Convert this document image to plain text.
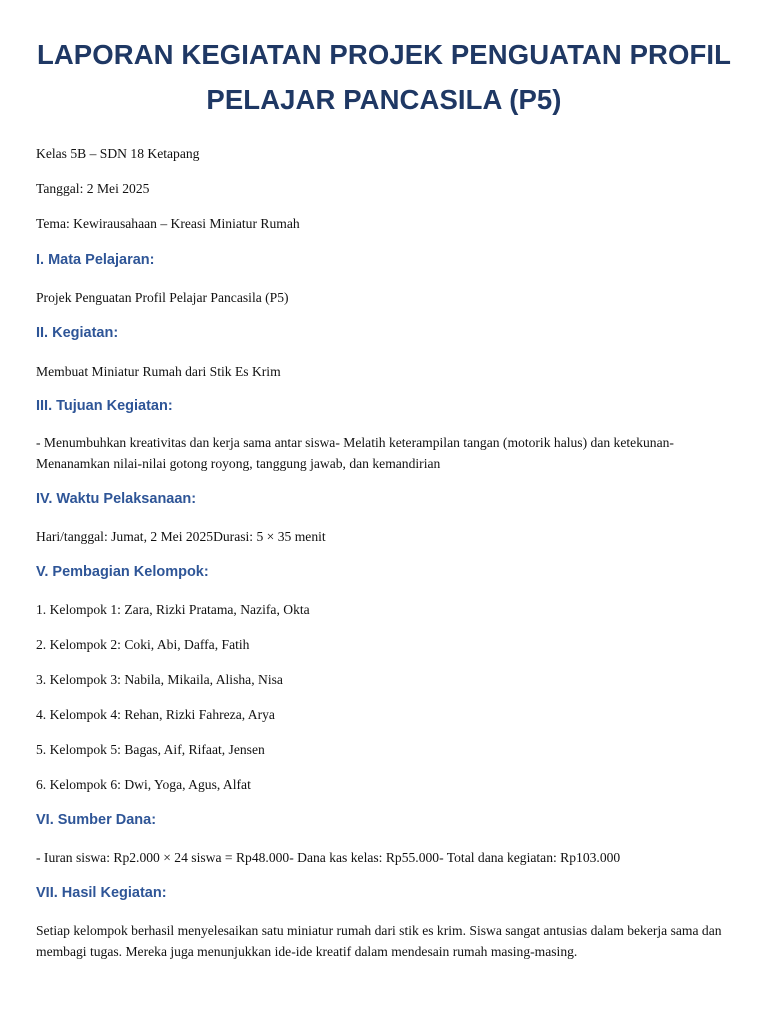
LAPORAN KEGIATAN PROJEK PENGUATAN PROFIL PELAJAR PANCASILA (P5)

Kelas 5B – SDN 18 Ketapang

Tanggal: 2 Mei 2025

Tema: Kewirausahaan – Kreasi Miniatur Rumah

I. Mata Pelajaran:

Projek Penguatan Profil Pelajar Pancasila (P5)

II. Kegiatan:

Membuat Miniatur Rumah dari Stik Es Krim

III. Tujuan Kegiatan:

- Menumbuhkan kreativitas dan kerja sama antar siswa- Melatih keterampilan tangan (motorik halus) dan ketekunan- Menanamkan nilai-nilai gotong royong, tanggung jawab, dan kemandirian

IV. Waktu Pelaksanaan:

Hari/tanggal: Jumat, 2 Mei 2025Durasi: 5 × 35 menit

V. Pembagian Kelompok:

1. Kelompok 1: Zara, Rizki Pratama, Nazifa, Okta

2. Kelompok 2: Coki, Abi, Daffa, Fatih

3. Kelompok 3: Nabila, Mikaila, Alisha, Nisa

4. Kelompok 4: Rehan, Rizki Fahreza, Arya

5. Kelompok 5: Bagas, Aif, Rifaat, Jensen

6. Kelompok 6: Dwi, Yoga, Agus, Alfat

VI. Sumber Dana:

- Iuran siswa: Rp2.000 × 24 siswa = Rp48.000- Dana kas kelas: Rp55.000- Total dana kegiatan: Rp103.000

VII. Hasil Kegiatan:

Setiap kelompok berhasil menyelesaikan satu miniatur rumah dari stik es krim. Siswa sangat antusias dalam bekerja sama dan membagi tugas. Mereka juga menunjukkan ide-ide kreatif dalam mendesain rumah masing-masing.
